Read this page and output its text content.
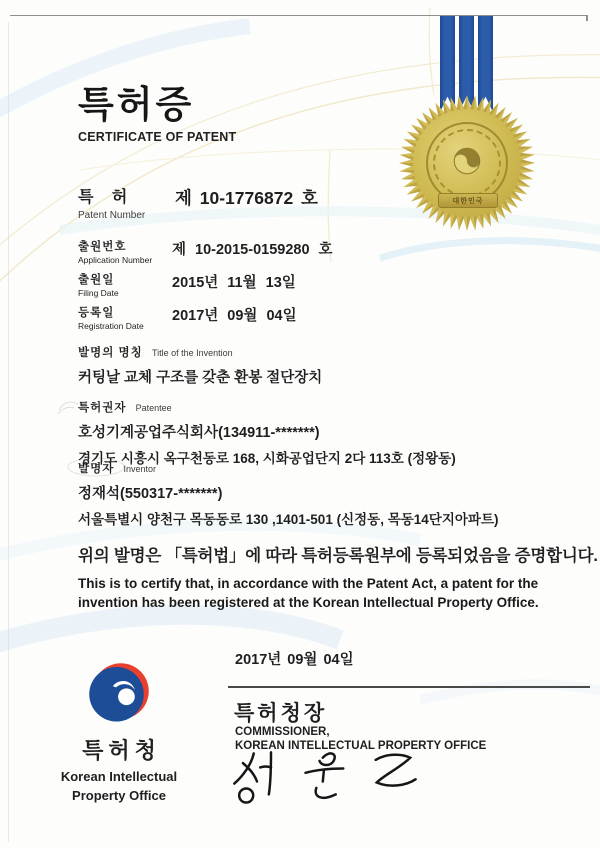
대한민국
특허증
CERTIFICATE OF PATENT
특 허
Patent Number
제 10-1776872 호
출원번호
Application Number
제 10-2015-0159280 호
출원일
Filing Date
2015년 11월 13일
등록일
Registration Date
2017년 09월 04일
발명의 명칭 Title of the Invention
커팅날 교체 구조를 갖춘 환봉 절단장치
특허권자 Patentee
호성기계공업주식회사(134911-*******)
경기도 시흥시 옥구천동로 168, 시화공업단지 2다 113호 (정왕동)
발명자 Inventor
정재석(550317-*******)
서울특별시 양천구 목동동로 130 ,1401-501 (신정동, 목동14단지아파트)
위의 발명은 「특허법」에 따라 특허등록원부에 등록되었음을 증명합니다.
This is to certify that, in accordance with the Patent Act, a patent for the invention has been registered at the Korean Intellectual Property Office.
2017년 09월 04일
특허청장
COMMISSIONER,
KOREAN INTELLECTUAL PROPERTY OFFICE
특허청
Korean Intellectual
Property Office
